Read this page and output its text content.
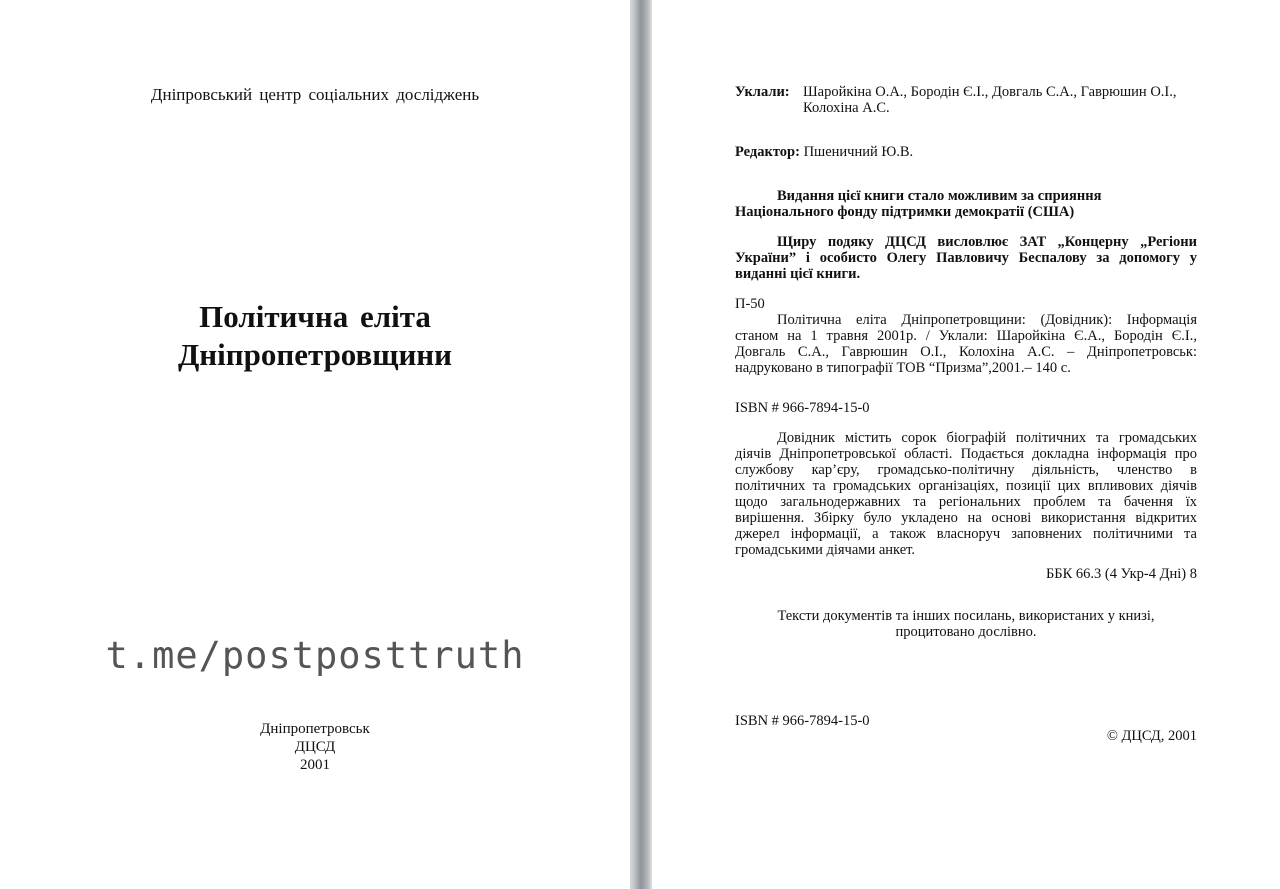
Дніпровський центр соціальних досліджень
Політична еліта
Дніпропетровщини
t.me/postposttruth
Дніпропетровськ
ДЦСД
2001
Уклали: Шаройкіна О.А., Бородін Є.І., Довгаль С.А., Гаврюшин О.І., Колохіна А.С.
Редактор: Пшеничний Ю.В.
Видання цієї книги стало можливим за сприяння Національного фонду підтримки демократії (США)
Щиру подяку ДЦСД висловлює ЗАТ „Концерну „Регіони України” і особисто Олегу Павловичу Беспалову за допомогу у виданні цієї книги.
П-50
Політична еліта Дніпропетровщини: (Довідник): Інформація станом на 1 травня 2001р. / Уклали: Шаройкіна Є.А., Бородін Є.І., Довгаль С.А., Гаврюшин О.І., Колохіна А.С. – Дніпропетровськ: надруковано в типографії ТОВ “Призма”,2001.– 140 с.
ISBN # 966-7894-15-0
Довідник містить сорок біографій політичних та громадських діячів Дніпропетровської області. Подається докладна інформація про службову кар’єру, громадсько-політичну діяльність, членство в політичних та громадських організаціях, позиції цих впливових діячів щодо загальнодержавних та регіональних проблем та бачення їх вирішення. Збірку було укладено на основі використання відкритих джерел інформації, а також власноруч заповнених політичними та громадськими діячами анкет.
ББК 66.3 (4 Укр-4 Дні) 8
Тексти документів та інших посилань, використаних у книзі,
процитовано дослівно.
ISBN # 966-7894-15-0
© ДЦСД, 2001
